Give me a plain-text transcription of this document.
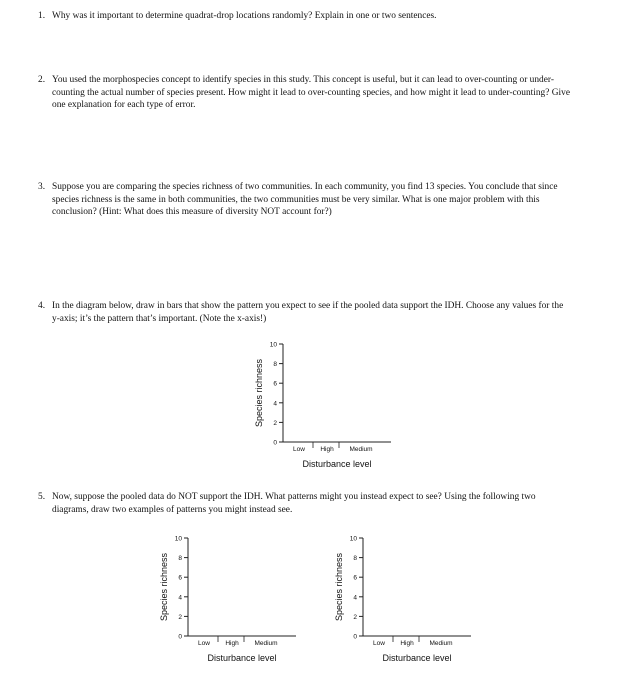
1. Why was it important to determine quadrat-drop locations randomly? Explain in one or two sentences.

2. You used the morphospecies concept to identify species in this study. This concept is useful, but it can lead to over-counting or under-counting the actual number of species present. How might it lead to over-counting species, and how might it lead to under-counting? Give one explanation for each type of error.

3. Suppose you are comparing the species richness of two communities. In each community, you find 13 species. You conclude that since species richness is the same in both communities, the two communities must be very similar. What is one major problem with this conclusion? (Hint: What does this measure of diversity NOT account for?)

4. In the diagram below, draw in bars that show the pattern you expect to see if the pooled data support the IDH. Choose any values for the y-axis; it’s the pattern that’s important. (Note the x-axis!)

0
2
4
6
8
10
Low High Medium
Disturbance level
Species richness
5. Now, suppose the pooled data do NOT support the IDH. What patterns might you instead expect to see? Using the following two diagrams, draw two examples of patterns you might instead see.

0
2
4
6
8
10
Low High Medium
Disturbance level
Species richness
0
2
4
6
8
10
Low High Medium
Disturbance level
Species richness
